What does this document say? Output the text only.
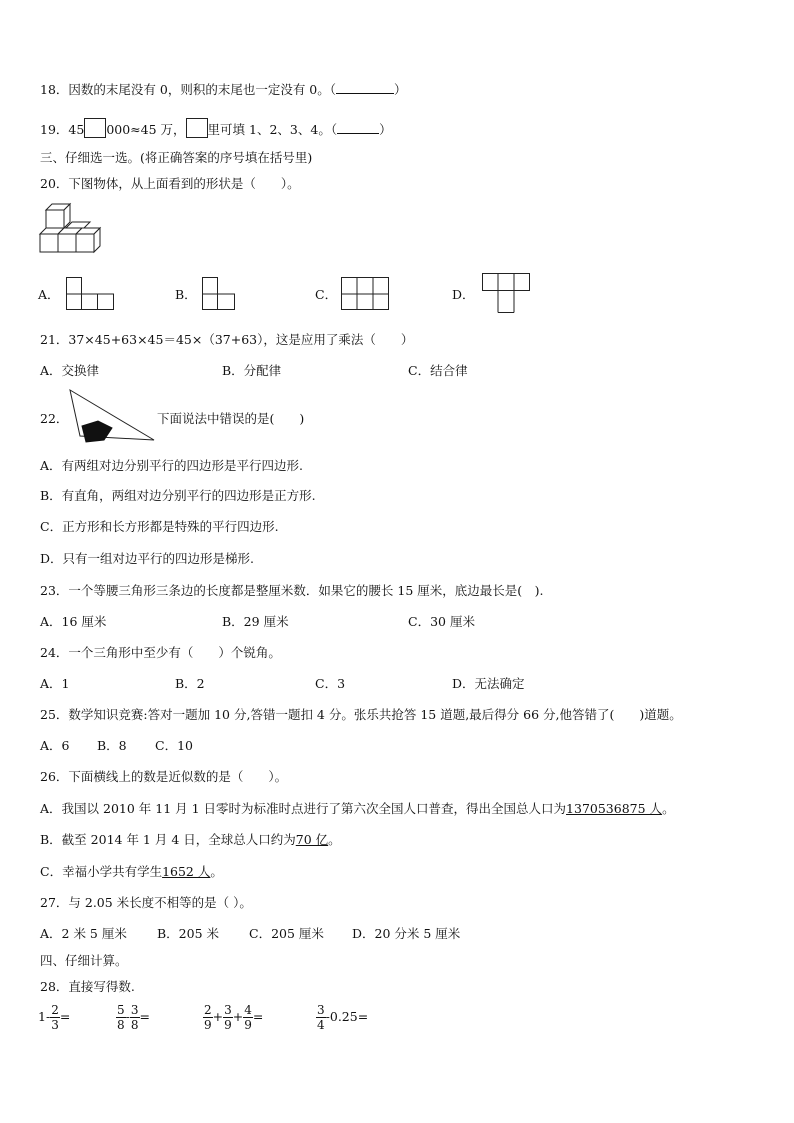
18．因数的末尾没有 0，则积的末尾也一定没有 0。（	）
19．45 000≈45 万， 里可填 1、2、3、4。（	）
三、仔细选一选。(将正确答案的序号填在括号里)
20．下图物体，从上面看到的形状是（　　）。
A．	B．	C．	D．
21．37×45+63×45＝45×（37+63），这是应用了乘法（　　）
A．交换律	B．分配律	C．结合律
22．	下面说法中错误的是(　　)
A．有两组对边分别平行的四边形是平行四边形.
B．有直角，两组对边分别平行的四边形是正方形.
C．正方形和长方形都是特殊的平行四边形.
D．只有一组对边平行的四边形是梯形.
23．一个等腰三角形三条边的长度都是整厘米数．如果它的腰长 15 厘米，底边最长是(　).
A．16 厘米	B．29 厘米	C．30 厘米
24．一个三角形中至少有（　　）个锐角。
A．1	B．2	C．3	D．无法确定
25．数学知识竞赛:答对一题加 10 分,答错一题扣 4 分。张乐共抢答 15 道题,最后得分 66 分,他答错了(　　)道题。
A．6 B．8 C．10
26．下面横线上的数是近似数的是（　　）。
A．我国以 2010 年 11 月 1 日零时为标准时点进行了第六次全国人口普查，得出全国总人口为1370536875 人。
B．截至 2014 年 1 月 4 日，全球总人口约为70 亿。
C．幸福小学共有学生1652 人。
27．与 2.05 米长度不相等的是（ ）。
A．2 米 5 厘米 B．205 米 C．205 厘米 D．20 分米 5 厘米
四、仔细计算。
28．直接写得数.
$1- \frac{2}{3}$ =	$\frac{5}{8} - \frac{3}{8}$ =	$\frac{2}{9} + \frac{3}{9} + \frac{4}{9}$ =	$\frac{3}{4} -0.25=$
